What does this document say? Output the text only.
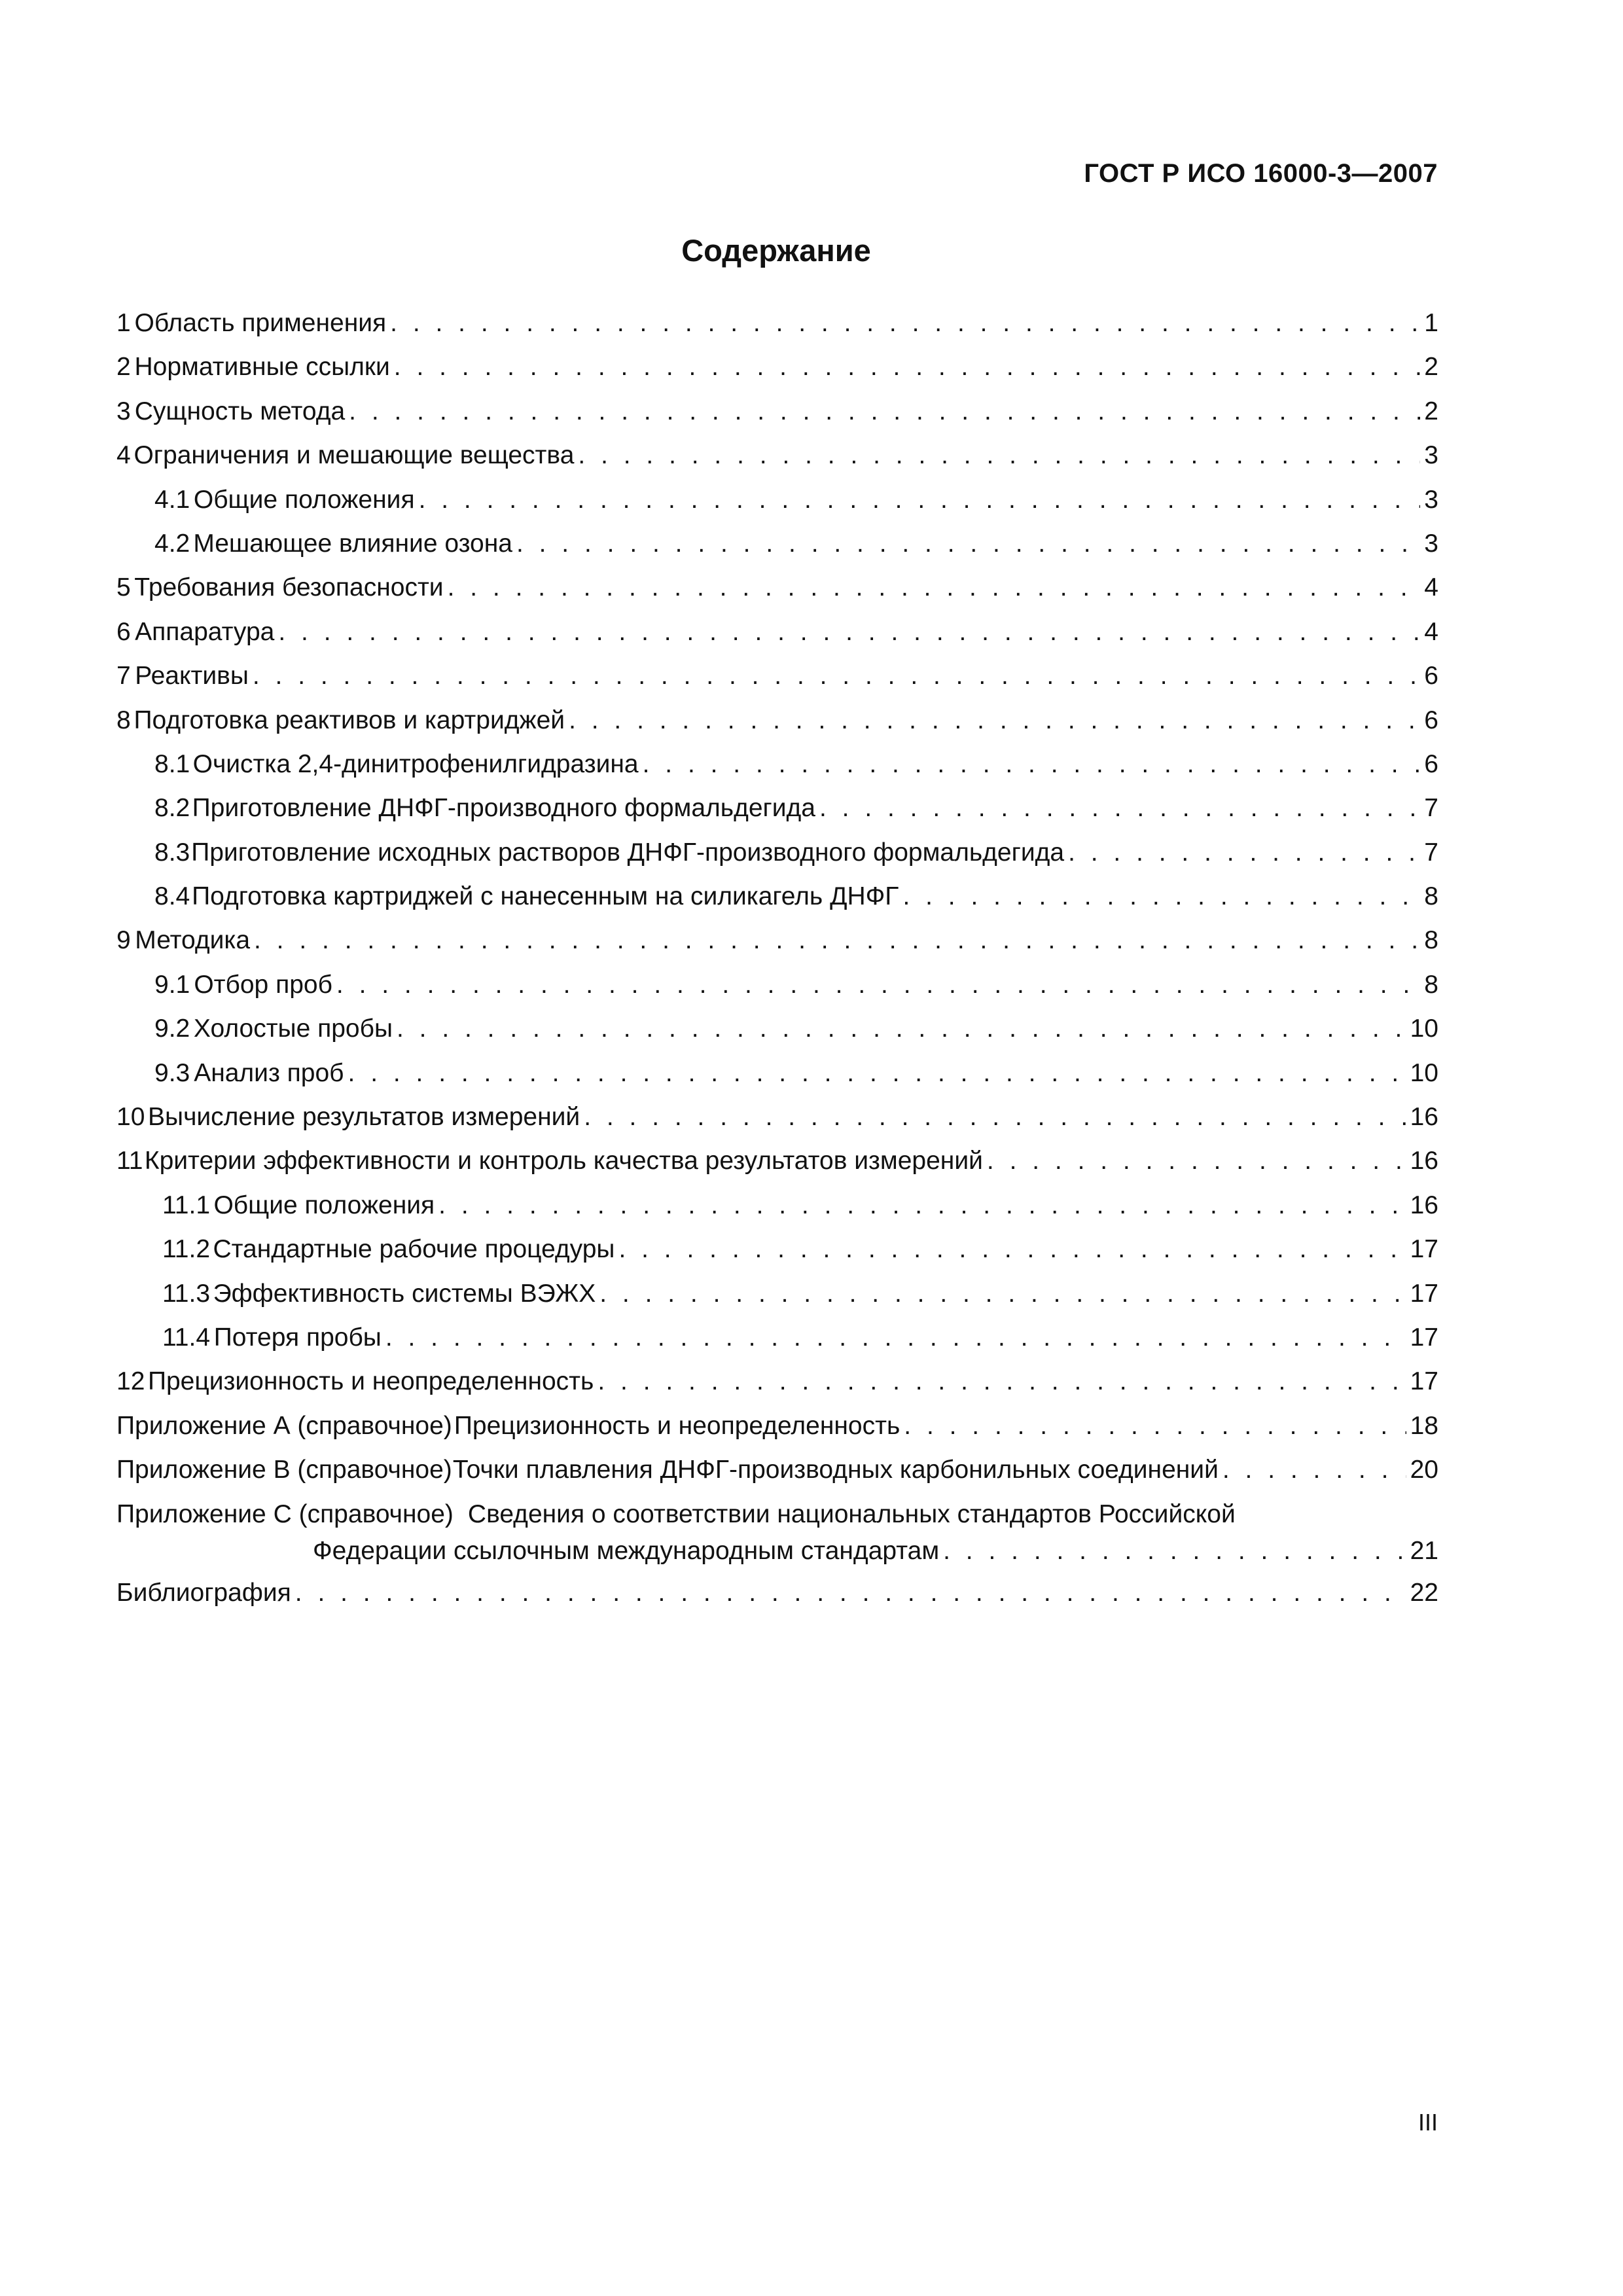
ГОСТ Р ИСО 16000-3—2007
Содержание
1 Область применения . . .	1
2 Нормативные ссылки . . .	2
3 Сущность метода . . .	2
4 Ограничения и мешающие вещества . . .	3
4.1 Общие положения . . .	3
4.2 Мешающее влияние озона . . .	3
5 Требования безопасности . . .	4
6 Аппаратура . . .	4
7 Реактивы . . .	6
8 Подготовка реактивов и картриджей . . .	6
8.1 Очистка 2,4-динитрофенилгидразина . . .	6
8.2 Приготовление ДНФГ-производного формальдегида . . .	7
8.3 Приготовление исходных растворов ДНФГ-производного формальдегида . . .	7
8.4 Подготовка картриджей с нанесенным на силикагель ДНФГ . . .	8
9 Методика . . .	8
9.1 Отбор проб . . .	8
9.2 Холостые пробы . . .	10
9.3 Анализ проб . . .	10
10 Вычисление результатов измерений . . .	16
11 Критерии эффективности и контроль качества результатов измерений . . .	16
11.1 Общие положения . . .	16
11.2 Стандартные рабочие процедуры . . .	17
11.3 Эффективность системы ВЭЖХ . . .	17
11.4 Потеря пробы . . .	17
12 Прецизионность и неопределенность . . .	17
Приложение А (справочное) Прецизионность и неопределенность . . .	18
Приложение В (справочное) Точки плавления ДНФГ-производных карбонильных соединений . . .	20
Приложение С (справочное) Сведения о соответствии национальных стандартов Российской
Федерации ссылочным международным стандартам . . .	21
Библиография . . .	22
III
